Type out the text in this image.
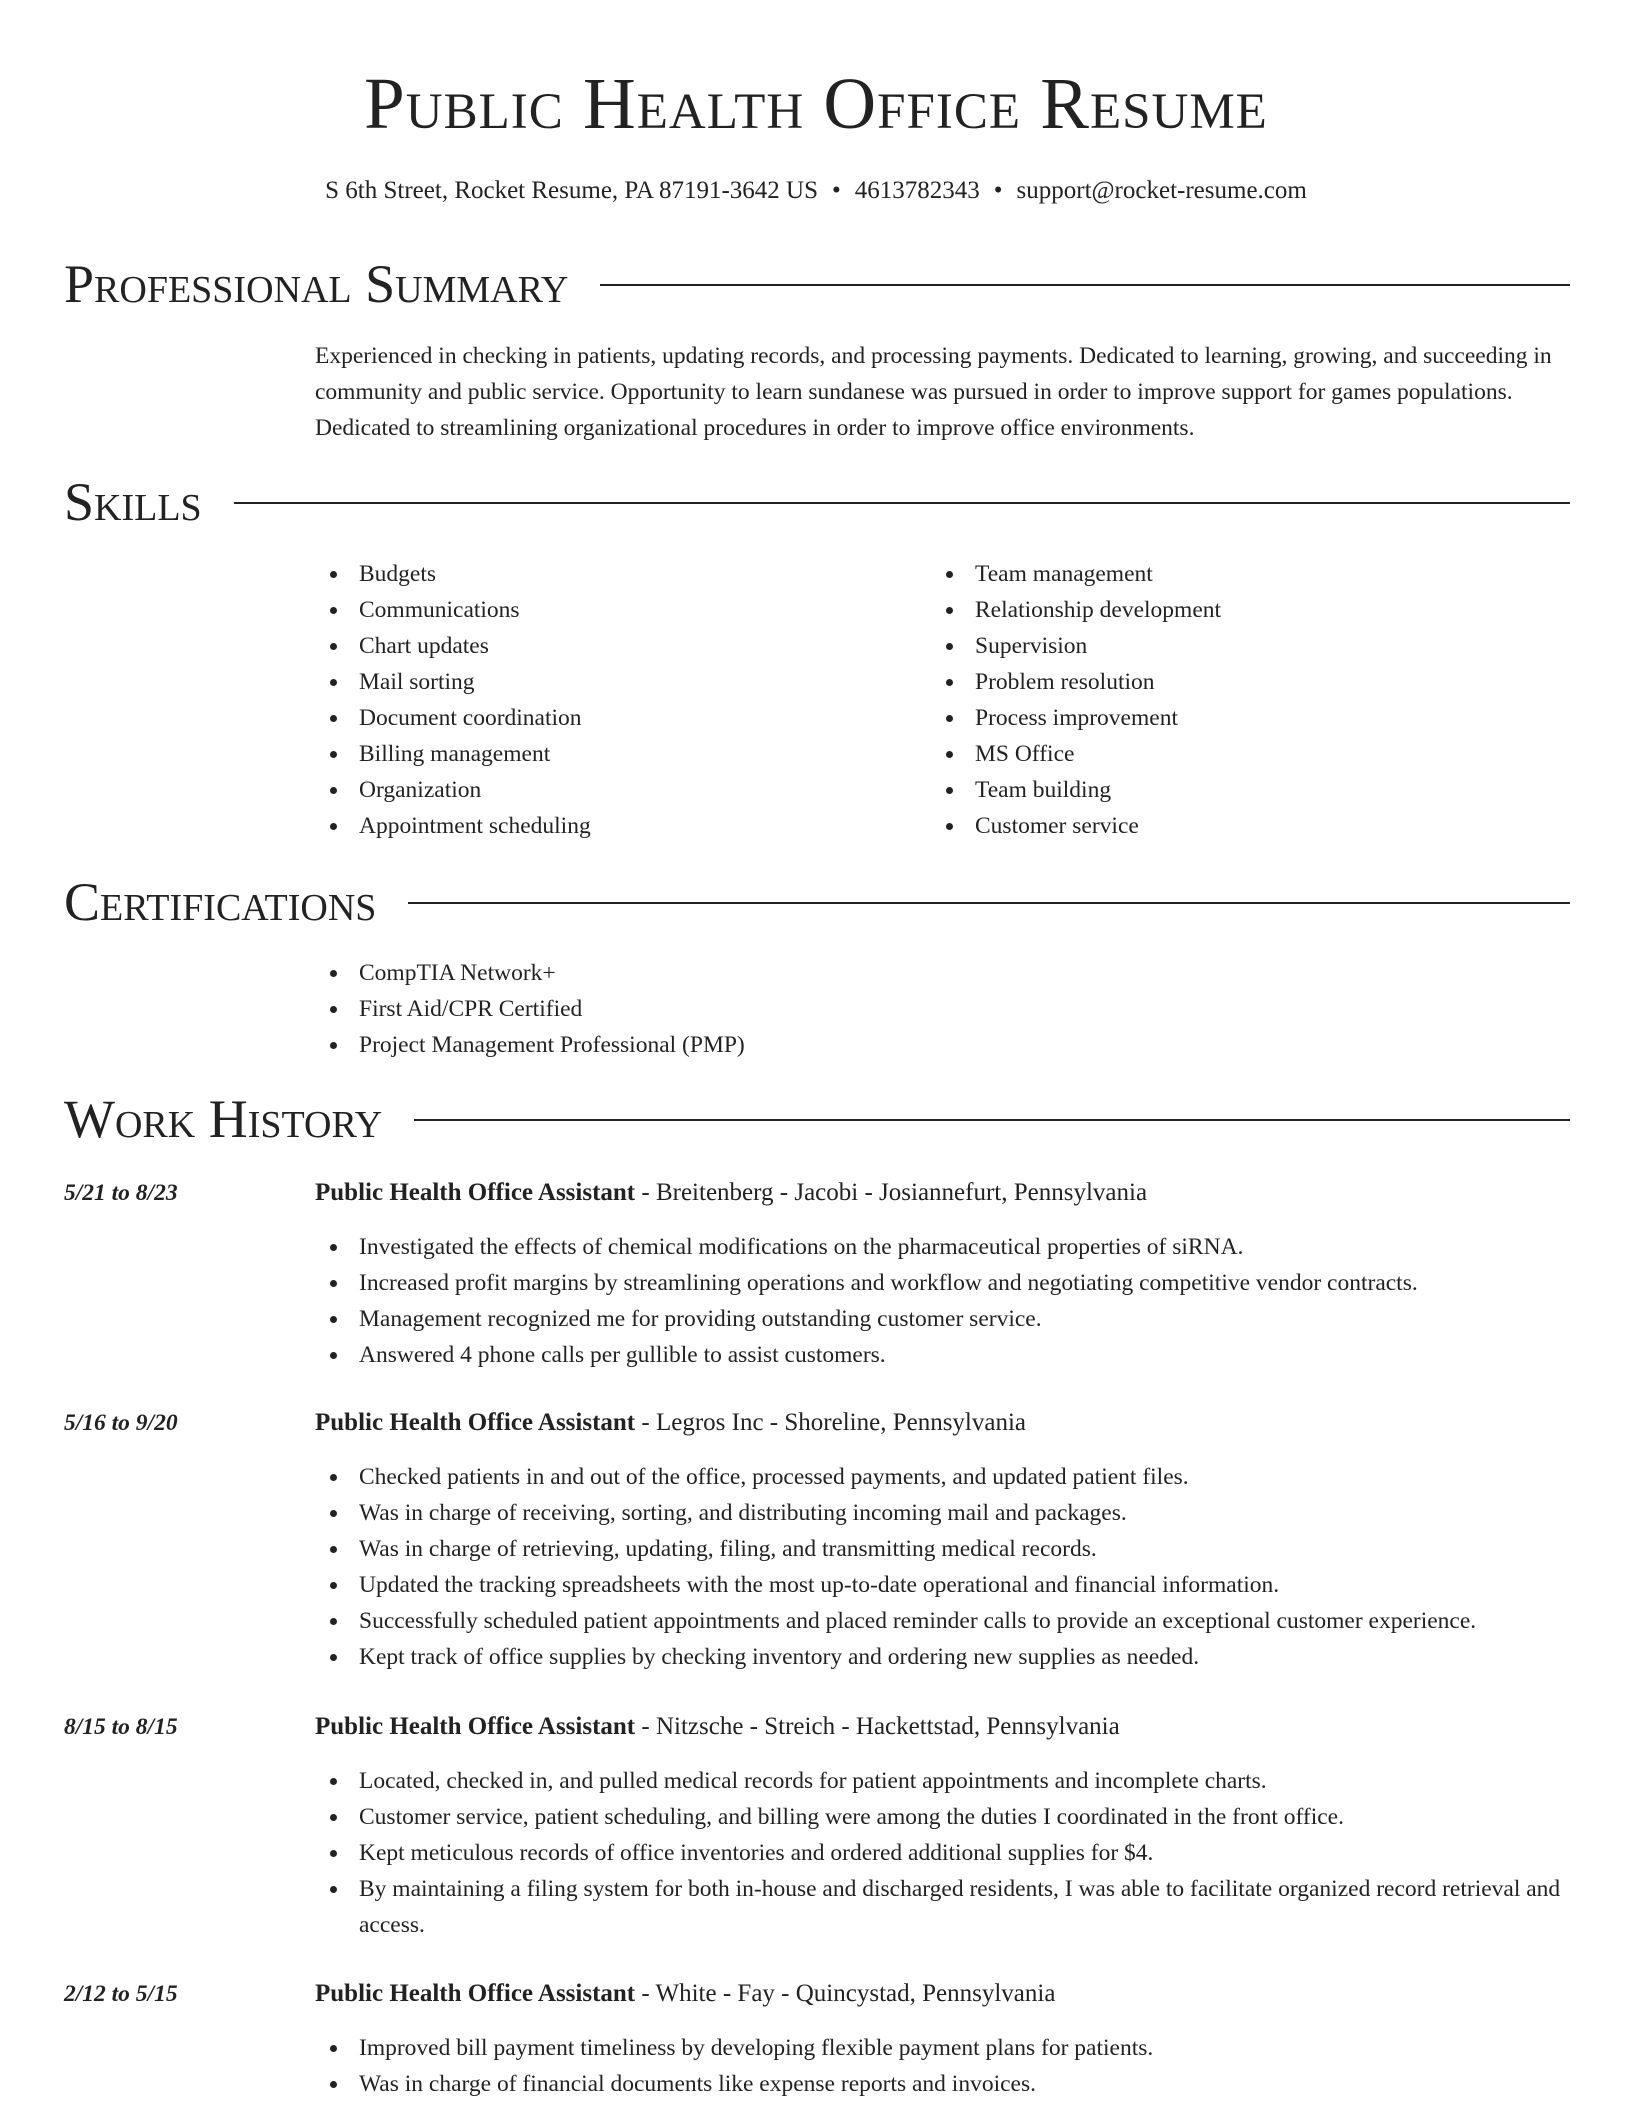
Public Health Office Resume
S 6th Street, Rocket Resume, PA 87191-3642 US • 4613782343 • support@rocket-resume.com
Professional Summary

Experienced in checking in patients, updating records, and processing payments. Dedicated to learning, growing, and succeeding in community and public service. Opportunity to learn sundanese was pursued in order to improve support for games populations. Dedicated to streamlining organizational procedures in order to improve office environments.

Skills
Budgets
Communications
Chart updates
Mail sorting
Document coordination
Billing management
Organization
Appointment scheduling
Team management
Relationship development
Supervision
Problem resolution
Process improvement
MS Office
Team building
Customer service
Certifications
CompTIA Network+
First Aid/CPR Certified
Project Management Professional (PMP)
Work History
5/21 to 8/23	Public Health Office Assistant - Breitenberg - Jacobi - Josiannefurt, Pennsylvania
Investigated the effects of chemical modifications on the pharmaceutical properties of siRNA.
Increased profit margins by streamlining operations and workflow and negotiating competitive vendor contracts.
Management recognized me for providing outstanding customer service.
Answered 4 phone calls per gullible to assist customers.
5/16 to 9/20	Public Health Office Assistant - Legros Inc - Shoreline, Pennsylvania
Checked patients in and out of the office, processed payments, and updated patient files.
Was in charge of receiving, sorting, and distributing incoming mail and packages.
Was in charge of retrieving, updating, filing, and transmitting medical records.
Updated the tracking spreadsheets with the most up-to-date operational and financial information.
Successfully scheduled patient appointments and placed reminder calls to provide an exceptional customer experience.
Kept track of office supplies by checking inventory and ordering new supplies as needed.
8/15 to 8/15	Public Health Office Assistant - Nitzsche - Streich - Hackettstad, Pennsylvania
Located, checked in, and pulled medical records for patient appointments and incomplete charts.
Customer service, patient scheduling, and billing were among the duties I coordinated in the front office.
Kept meticulous records of office inventories and ordered additional supplies for $4.
By maintaining a filing system for both in-house and discharged residents, I was able to facilitate organized record retrieval and access.
2/12 to 5/15	Public Health Office Assistant - White - Fay - Quincystad, Pennsylvania
Improved bill payment timeliness by developing flexible payment plans for patients.
Was in charge of financial documents like expense reports and invoices.
